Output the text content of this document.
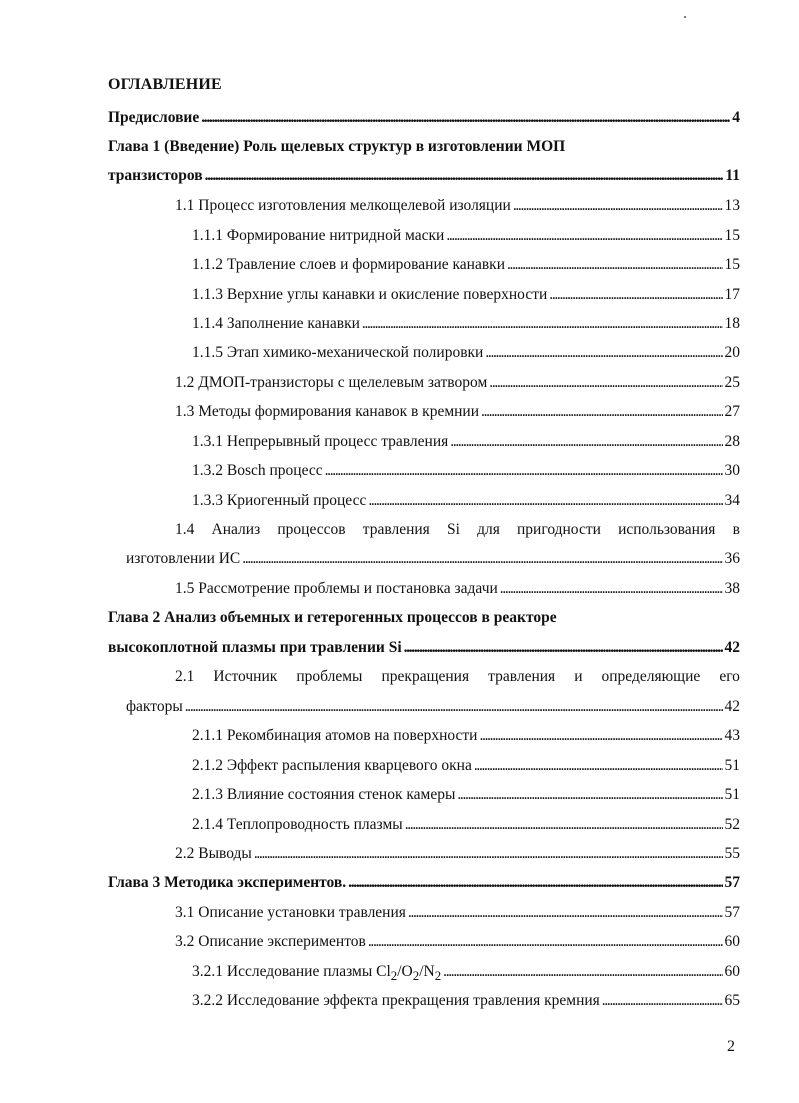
ОГЛАВЛЕНИЕ
Предисловие . . .	4
Глава 1 (Введение) Роль щелевых структур в изготовлении МОП
транзисторов . . .	11
1.1 Процесс изготовления мелкощелевой изоляции . . .	13
1.1.1 Формирование нитридной маски . . .	15
1.1.2 Травление слоев и формирование канавки . . .	15
1.1.3 Верхние углы канавки и окисление поверхности . . .	17
1.1.4 Заполнение канавки . . .	18
1.1.5 Этап химико-механической полировки . . .	20
1.2 ДМОП-транзисторы с щелелевым затвором . . .	25
1.3 Методы формирования канавок в кремнии . . .	27
1.3.1 Непрерывный процесс травления . . .	28
1.3.2 Bosch процесс . . .	30
1.3.3 Криогенный процесс . . .	34
1.4 Анализ процессов травления Si для пригодности использования в
изготовлении ИС . . .	36
1.5 Рассмотрение проблемы и постановка задачи . . .	38
Глава 2 Анализ объемных и гетерогенных процессов в реакторе
высокоплотной плазмы при травлении Si . . .	42
2.1 Источник проблемы прекращения травления и определяющие его
факторы . . .	42
2.1.1 Рекомбинация атомов на поверхности . . .	43
2.1.2 Эффект распыления кварцевого окна . . .	51
2.1.3 Влияние состояния стенок камеры . . .	51
2.1.4 Теплопроводность плазмы . . .	52
2.2 Выводы . . .	55
Глава 3 Методика экспериментов. . . .	57
3.1 Описание установки травления . . .	57
3.2 Описание экспериментов . . .	60
3.2.1 Исследование плазмы $Cl_2/O_2/N_2$ . . .	60
3.2.2 Исследование эффекта прекращения травления кремния . . .	65
2
